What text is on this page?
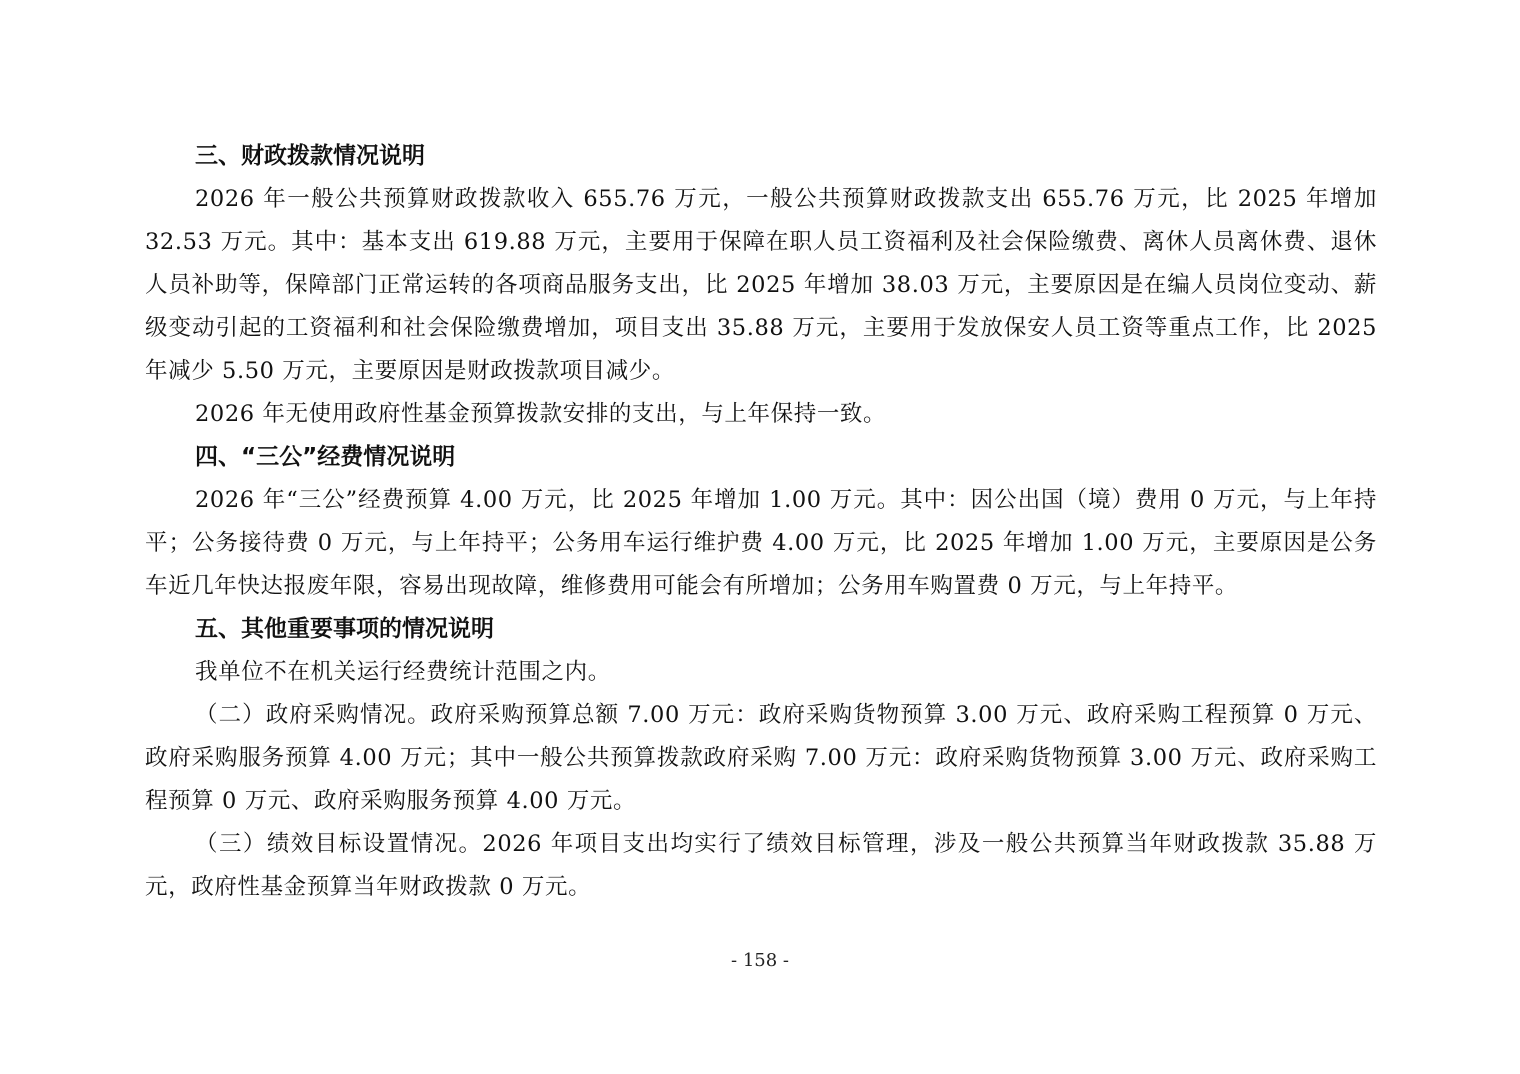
三、财政拨款情况说明

2026 年一般公共预算财政拨款收入 655.76 万元，一般公共预算财政拨款支出 655.76 万元，比 2025 年增加 32.53 万元。其中：基本支出 619.88 万元，主要用于保障在职人员工资福利及社会保险缴费、离休人员离休费、退休人员补助等，保障部门正常运转的各项商品服务支出，比 2025 年增加 38.03 万元，主要原因是在编人员岗位变动、薪级变动引起的工资福利和社会保险缴费增加，项目支出 35.88 万元，主要用于发放保安人员工资等重点工作，比 2025 年减少 5.50 万元，主要原因是财政拨款项目减少。

2026 年无使用政府性基金预算拨款安排的支出，与上年保持一致。

四、“三公”经费情况说明

2026 年“三公”经费预算 4.00 万元，比 2025 年增加 1.00 万元。其中：因公出国（境）费用 0 万元，与上年持平；公务接待费 0 万元，与上年持平；公务用车运行维护费 4.00 万元，比 2025 年增加 1.00 万元，主要原因是公务车近几年快达报废年限，容易出现故障，维修费用可能会有所增加；公务用车购置费 0 万元，与上年持平。

五、其他重要事项的情况说明

我单位不在机关运行经费统计范围之内。

（二）政府采购情况。政府采购预算总额 7.00 万元：政府采购货物预算 3.00 万元、政府采购工程预算 0 万元、政府采购服务预算 4.00 万元；其中一般公共预算拨款政府采购 7.00 万元：政府采购货物预算 3.00 万元、政府采购工程预算 0 万元、政府采购服务预算 4.00 万元。

（三）绩效目标设置情况。2026 年项目支出均实行了绩效目标管理，涉及一般公共预算当年财政拨款 35.88 万元，政府性基金预算当年财政拨款 0 万元。

- 158 -
